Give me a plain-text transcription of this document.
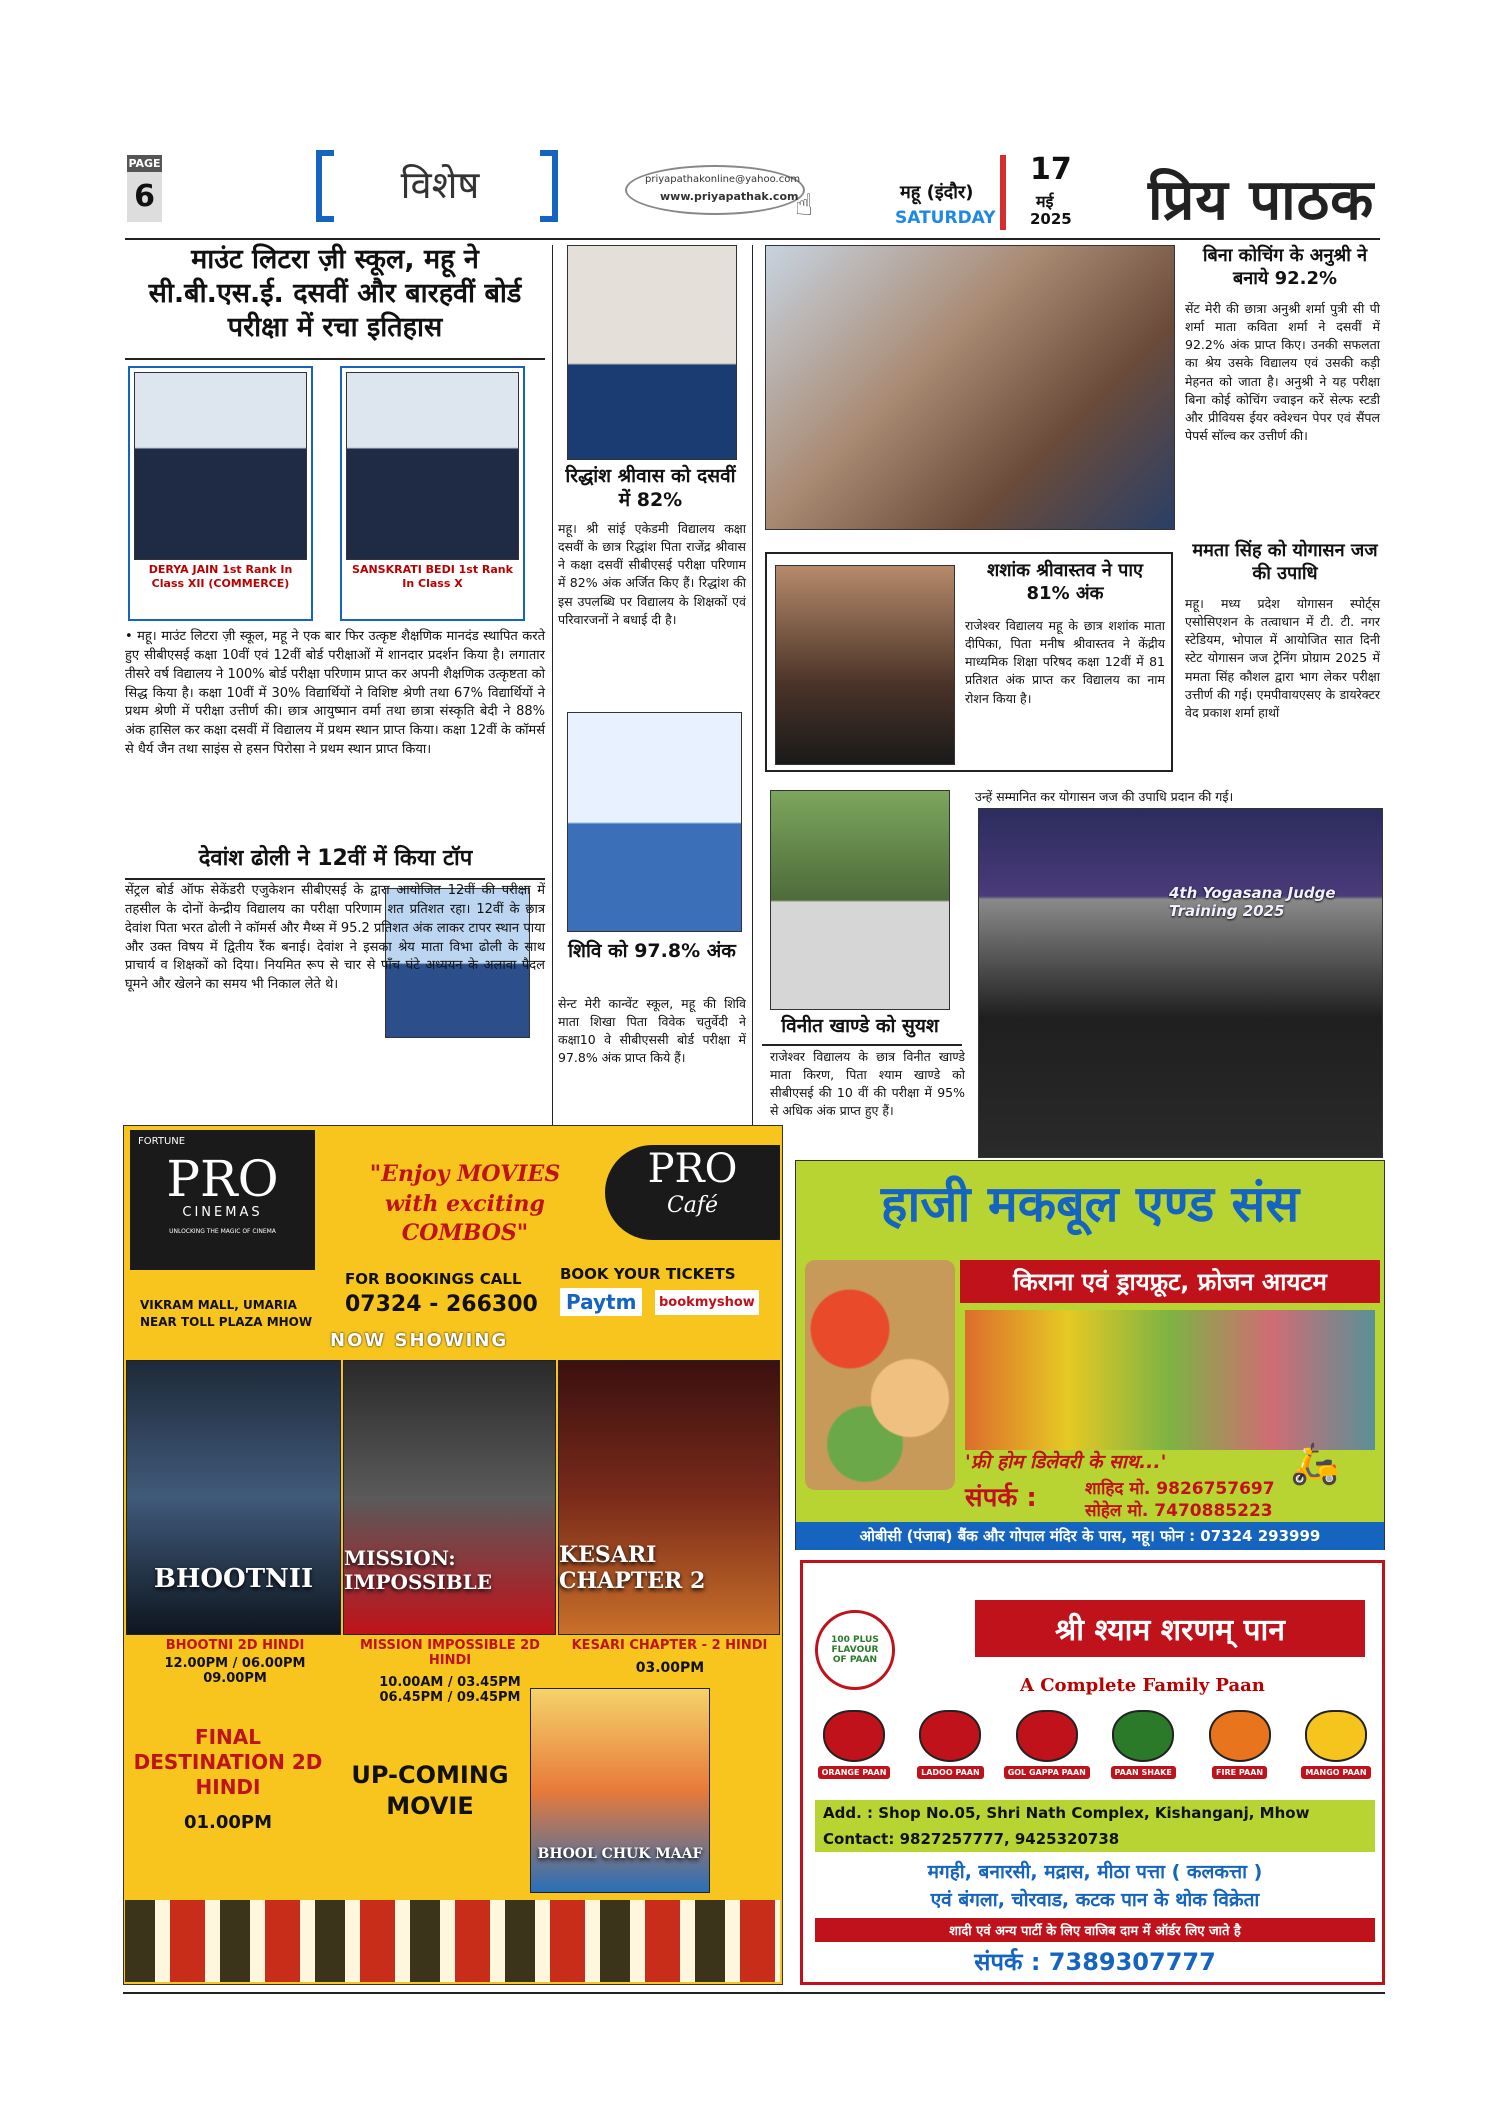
PAGE
6	विशेष	priyapathakonline@yahoo.com
www.priyapathak.com
☝	महू (इंदौर)
SATURDAY
17
मई
2025 प्रिय पाठक
माउंट लिटरा ज़ी स्कूल, महू ने सी.बी.एस.ई. दसवीं और बारहवीं बोर्ड परीक्षा में रचा इतिहास
DERYA JAIN 1st Rank In Class XII (COMMERCE)
SANSKRATI BEDI 1st Rank In Class X
• महू। माउंट लिटरा ज़ी स्कूल, महू ने एक बार फिर उत्कृष्ट शैक्षणिक मानदंड स्थापित करते हुए सीबीएसई कक्षा 10वीं एवं 12वीं बोर्ड परीक्षाओं में शानदार प्रदर्शन किया है। लगातार तीसरे वर्ष विद्यालय ने 100% बोर्ड परीक्षा परिणाम प्राप्त कर अपनी शैक्षणिक उत्कृष्टता को सिद्ध किया है। कक्षा 10वीं में 30% विद्यार्थियों ने विशिष्ट श्रेणी तथा 67% विद्यार्थियों ने प्रथम श्रेणी में परीक्षा उत्तीर्ण की। छात्र आयुष्मान वर्मा तथा छात्रा संस्कृति बेदी ने 88% अंक हासिल कर कक्षा दसवीं में विद्यालय में प्रथम स्थान प्राप्त किया। कक्षा 12वीं के कॉमर्स से धैर्य जैन तथा साइंस से हसन पिरोसा ने प्रथम स्थान प्राप्त किया।
देवांश ढोली ने 12वीं में किया टॉप
सेंट्रल बोर्ड ऑफ सेकेंडरी एजुकेशन सीबीएसई के द्वारा आयोजित 12वीं की परीक्षा में तहसील के दोनों केन्द्रीय विद्यालय का परीक्षा परिणाम शत प्रतिशत रहा। 12वीं के छात्र देवांश पिता भरत ढोली ने कॉमर्स और मैथ्स में 95.2 प्रतिशत अंक लाकर टापर स्थान पाया और उक्त विषय में द्वितीय रैंक बनाई। देवांश ने इसका श्रेय माता विभा ढोली के साथ प्राचार्य व शिक्षकों को दिया। नियमित रूप से चार से पाँच घंटे अध्ययन के अलावा पैदल घूमने और खेलने का समय भी निकाल लेते थे।
रिद्धांश श्रीवास को दसवीं में 82%
महू। श्री सांई एकेडमी विद्यालय कक्षा दसवीं के छात्र रिद्धांश पिता राजेंद्र श्रीवास ने कक्षा दसवीं सीबीएसई परीक्षा परिणाम में 82% अंक अर्जित किए हैं। रिद्धांश की इस उपलब्धि पर विद्यालय के शिक्षकों एवं परिवारजनों ने बधाई दी है।
शिवि को 97.8% अंक
सेन्ट मेरी कान्वेंट स्कूल, महू की शिवि माता शिखा पिता विवेक चतुर्वेदी ने कक्षा10 वे सीबीएससी बोर्ड परीक्षा में 97.8% अंक प्राप्त किये हैं।
बिना कोचिंग के अनुश्री ने बनाये 92.2%
सेंट मेरी की छात्रा अनुश्री शर्मा पुत्री सी पी शर्मा माता कविता शर्मा ने दसवीं में 92.2% अंक प्राप्त किए। उनकी सफलता का श्रेय उसके विद्यालय एवं उसकी कड़ी मेहनत को जाता है। अनुश्री ने यह परीक्षा बिना कोई कोचिंग ज्वाइन करें सेल्फ स्टडी और प्रीवियस ईयर क्वेश्चन पेपर एवं सैंपल पेपर्स सॉल्व कर उत्तीर्ण की।
शशांक श्रीवास्तव ने पाए 81% अंक
राजेश्वर विद्यालय महू के छात्र शशांक माता दीपिका, पिता मनीष श्रीवास्तव ने केंद्रीय माध्यमिक शिक्षा परिषद कक्षा 12वीं में 81 प्रतिशत अंक प्राप्त कर विद्यालय का नाम रोशन किया है।
विनीत खाण्डे को सुयश
राजेश्वर विद्यालय के छात्र विनीत खाण्डे माता किरण, पिता श्याम खाण्डे को सीबीएसई की 10 वीं की परीक्षा में 95% से अधिक अंक प्राप्त हुए हैं।
ममता सिंह को योगासन जज की उपाधि
महू। मध्य प्रदेश योगासन स्पोर्ट्स एसोसिएशन के तत्वाधान में टी. टी. नगर स्टेडियम, भोपाल में आयोजित सात दिनी स्टेट योगासन जज ट्रेनिंग प्रोग्राम 2025 में ममता सिंह कौशल द्वारा भाग लेकर परीक्षा उत्तीर्ण की गई। एमपीवायएसए के डायरेक्टर वेद प्रकाश शर्मा हाथों
उन्हें सम्मानित कर योगासन जज की उपाधि प्रदान की गई।
4th Yogasana Judge Training 2025
FORTUNE
PRO
CINEMAS
UNLOCKING THE MAGIC OF CINEMA
"Enjoy MOVIES with exciting COMBOS"
PRO
Café
VIKRAM MALL, UMARIA
NEAR TOLL PLAZA MHOW
FOR BOOKINGS CALL
07324 - 266300
BOOK YOUR TICKETS
Paytm	bookmyshow
NOW SHOWING
BHOOTNII
MISSION: IMPOSSIBLE
KESARI CHAPTER 2
BHOOTNI 2D HINDI
12.00PM / 06.00PM 09.00PM
MISSION IMPOSSIBLE 2D HINDI
10.00AM / 03.45PM 06.45PM / 09.45PM
KESARI CHAPTER - 2 HINDI
03.00PM
FINAL DESTINATION 2D HINDI
01.00PM
UP-COMING MOVIE
BHOOL CHUK MAAF
हाजी मकबूल एण्ड संस
किराना एवं ड्रायफ्रूट, फ्रोजन आयटम
'फ्री होम डिलेवरी के साथ...'	🛵
संपर्क :	शाहिद मो. 9826757697
सोहेल मो. 7470885223
ओबीसी (पंजाब) बैंक और गोपाल मंदिर के पास, महू। फोन : 07324 293999
100 PLUS FLAVOUR OF PAAN
श्री श्याम शरणम् पान
A Complete Family Paan
ORANGE PAAN	LADOO PAAN	GOL GAPPA PAAN	PAAN SHAKE	FIRE PAAN	MANGO PAAN
Add. : Shop No.05, Shri Nath Complex, Kishanganj, Mhow
Contact: 9827257777, 9425320738
मगही, बनारसी, मद्रास, मीठा पत्ता ( कलकत्ता )
एवं बंगला, चोरवाड, कटक पान के थोक विक्रेता
शादी एवं अन्य पार्टी के लिए वाजिब दाम में ऑर्डर लिए जाते है
संपर्क : 7389307777
